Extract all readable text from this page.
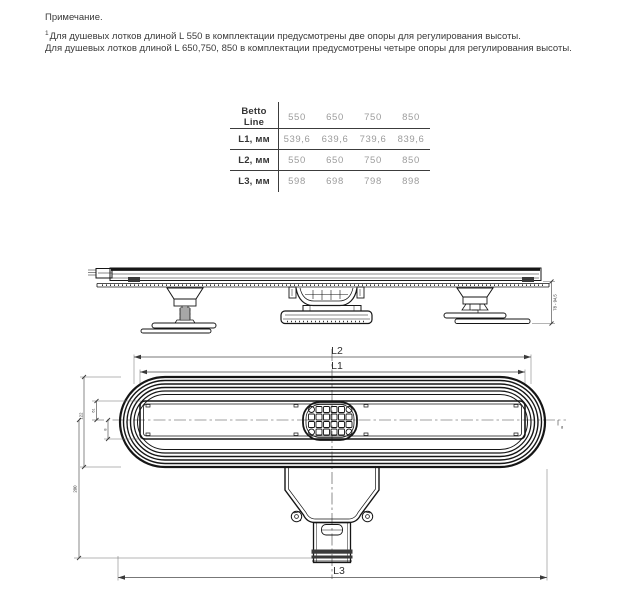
Примечание.
$^1$Для душевых лотков длиной L 550 в комплектации предусмотрены две опоры для регулирования высоты.
Для душевых лотков длиной L 650,750, 850 в комплектации предусмотрены четыре опоры для регулирования высоты.
Betto Line	550	650	750	850
L1, мм	539,6	639,6	739,6	839,6
L2, мм	550	650	750	850
L3, мм	598	698	798	898
78 - 94,5
8
L2
L1
122
61
8
200
L3
